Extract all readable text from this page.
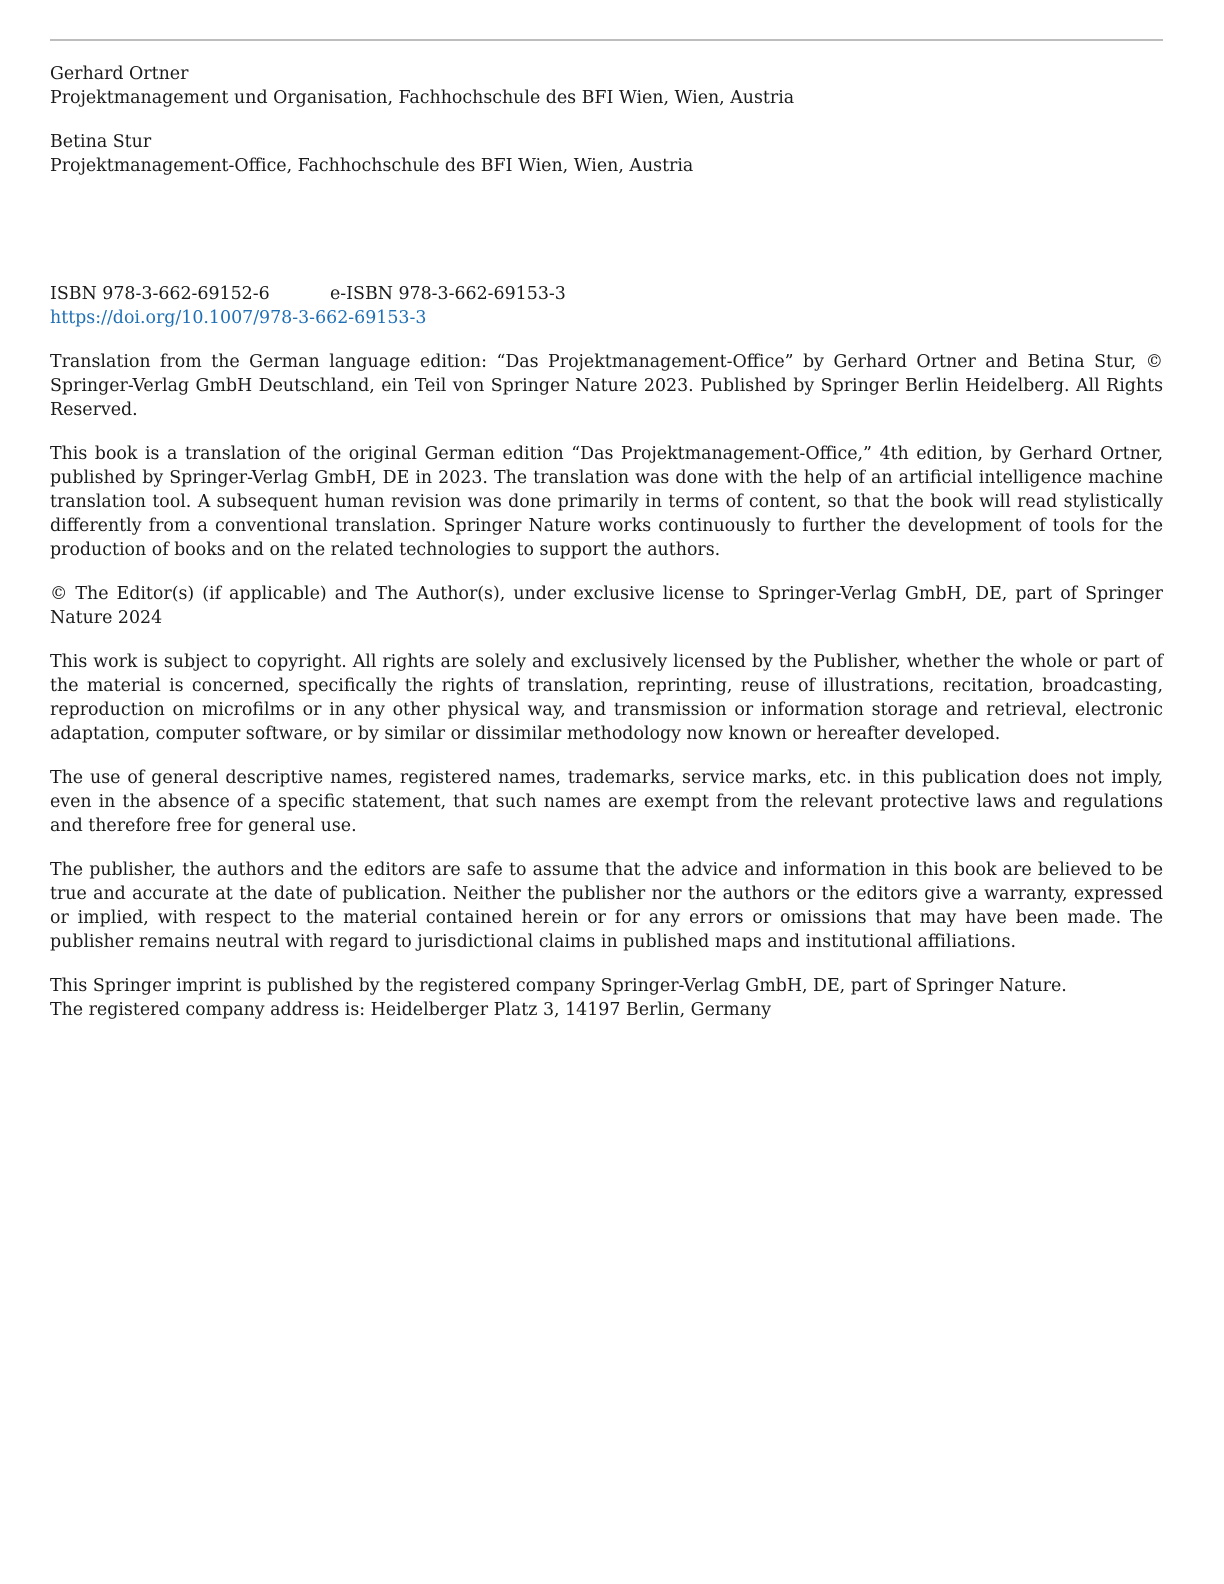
Gerhard Ortner

Projektmanagement und Organisation, Fachhochschule des BFI Wien, Wien, Austria

Betina Stur

Projektmanagement-Office, Fachhochschule des BFI Wien, Wien, Austria

ISBN 978-3-662-69152-6	e-ISBN 978-3-662-69153-3

https://doi.org/10.1007/978-3-662-69153-3

Translation from the German language edition: “Das Projektmanagement-Office” by Gerhard Ortner and Betina Stur, © Springer-Verlag GmbH Deutschland, ein Teil von Springer Nature 2023. Published by Springer Berlin Heidelberg. All Rights Reserved.

This book is a translation of the original German edition “Das Projektmanagement-Office,” 4th edition, by Gerhard Ortner, published by Springer-Verlag GmbH, DE in 2023. The translation was done with the help of an artificial intelligence machine translation tool. A subsequent human revision was done primarily in terms of content, so that the book will read stylistically differently from a conventional translation. Springer Nature works continuously to further the development of tools for the production of books and on the related technologies to support the authors.

© The Editor(s) (if applicable) and The Author(s), under exclusive license to Springer-Verlag GmbH, DE, part of Springer Nature 2024

This work is subject to copyright. All rights are solely and exclusively licensed by the Publisher, whether the whole or part of the material is concerned, specifically the rights of translation, reprinting, reuse of illustrations, recitation, broadcasting, reproduction on microfilms or in any other physical way, and transmission or information storage and retrieval, electronic adaptation, computer software, or by similar or dissimilar methodology now known or hereafter developed.

The use of general descriptive names, registered names, trademarks, service marks, etc. in this publication does not imply, even in the absence of a specific statement, that such names are exempt from the relevant protective laws and regulations and therefore free for general use.

The publisher, the authors and the editors are safe to assume that the advice and information in this book are believed to be true and accurate at the date of publication. Neither the publisher nor the authors or the editors give a warranty, expressed or implied, with respect to the material contained herein or for any errors or omissions that may have been made. The publisher remains neutral with regard to jurisdictional claims in published maps and institutional affiliations.

This Springer imprint is published by the registered company Springer-Verlag GmbH, DE, part of Springer Nature.
The registered company address is: Heidelberger Platz 3, 14197 Berlin, Germany
